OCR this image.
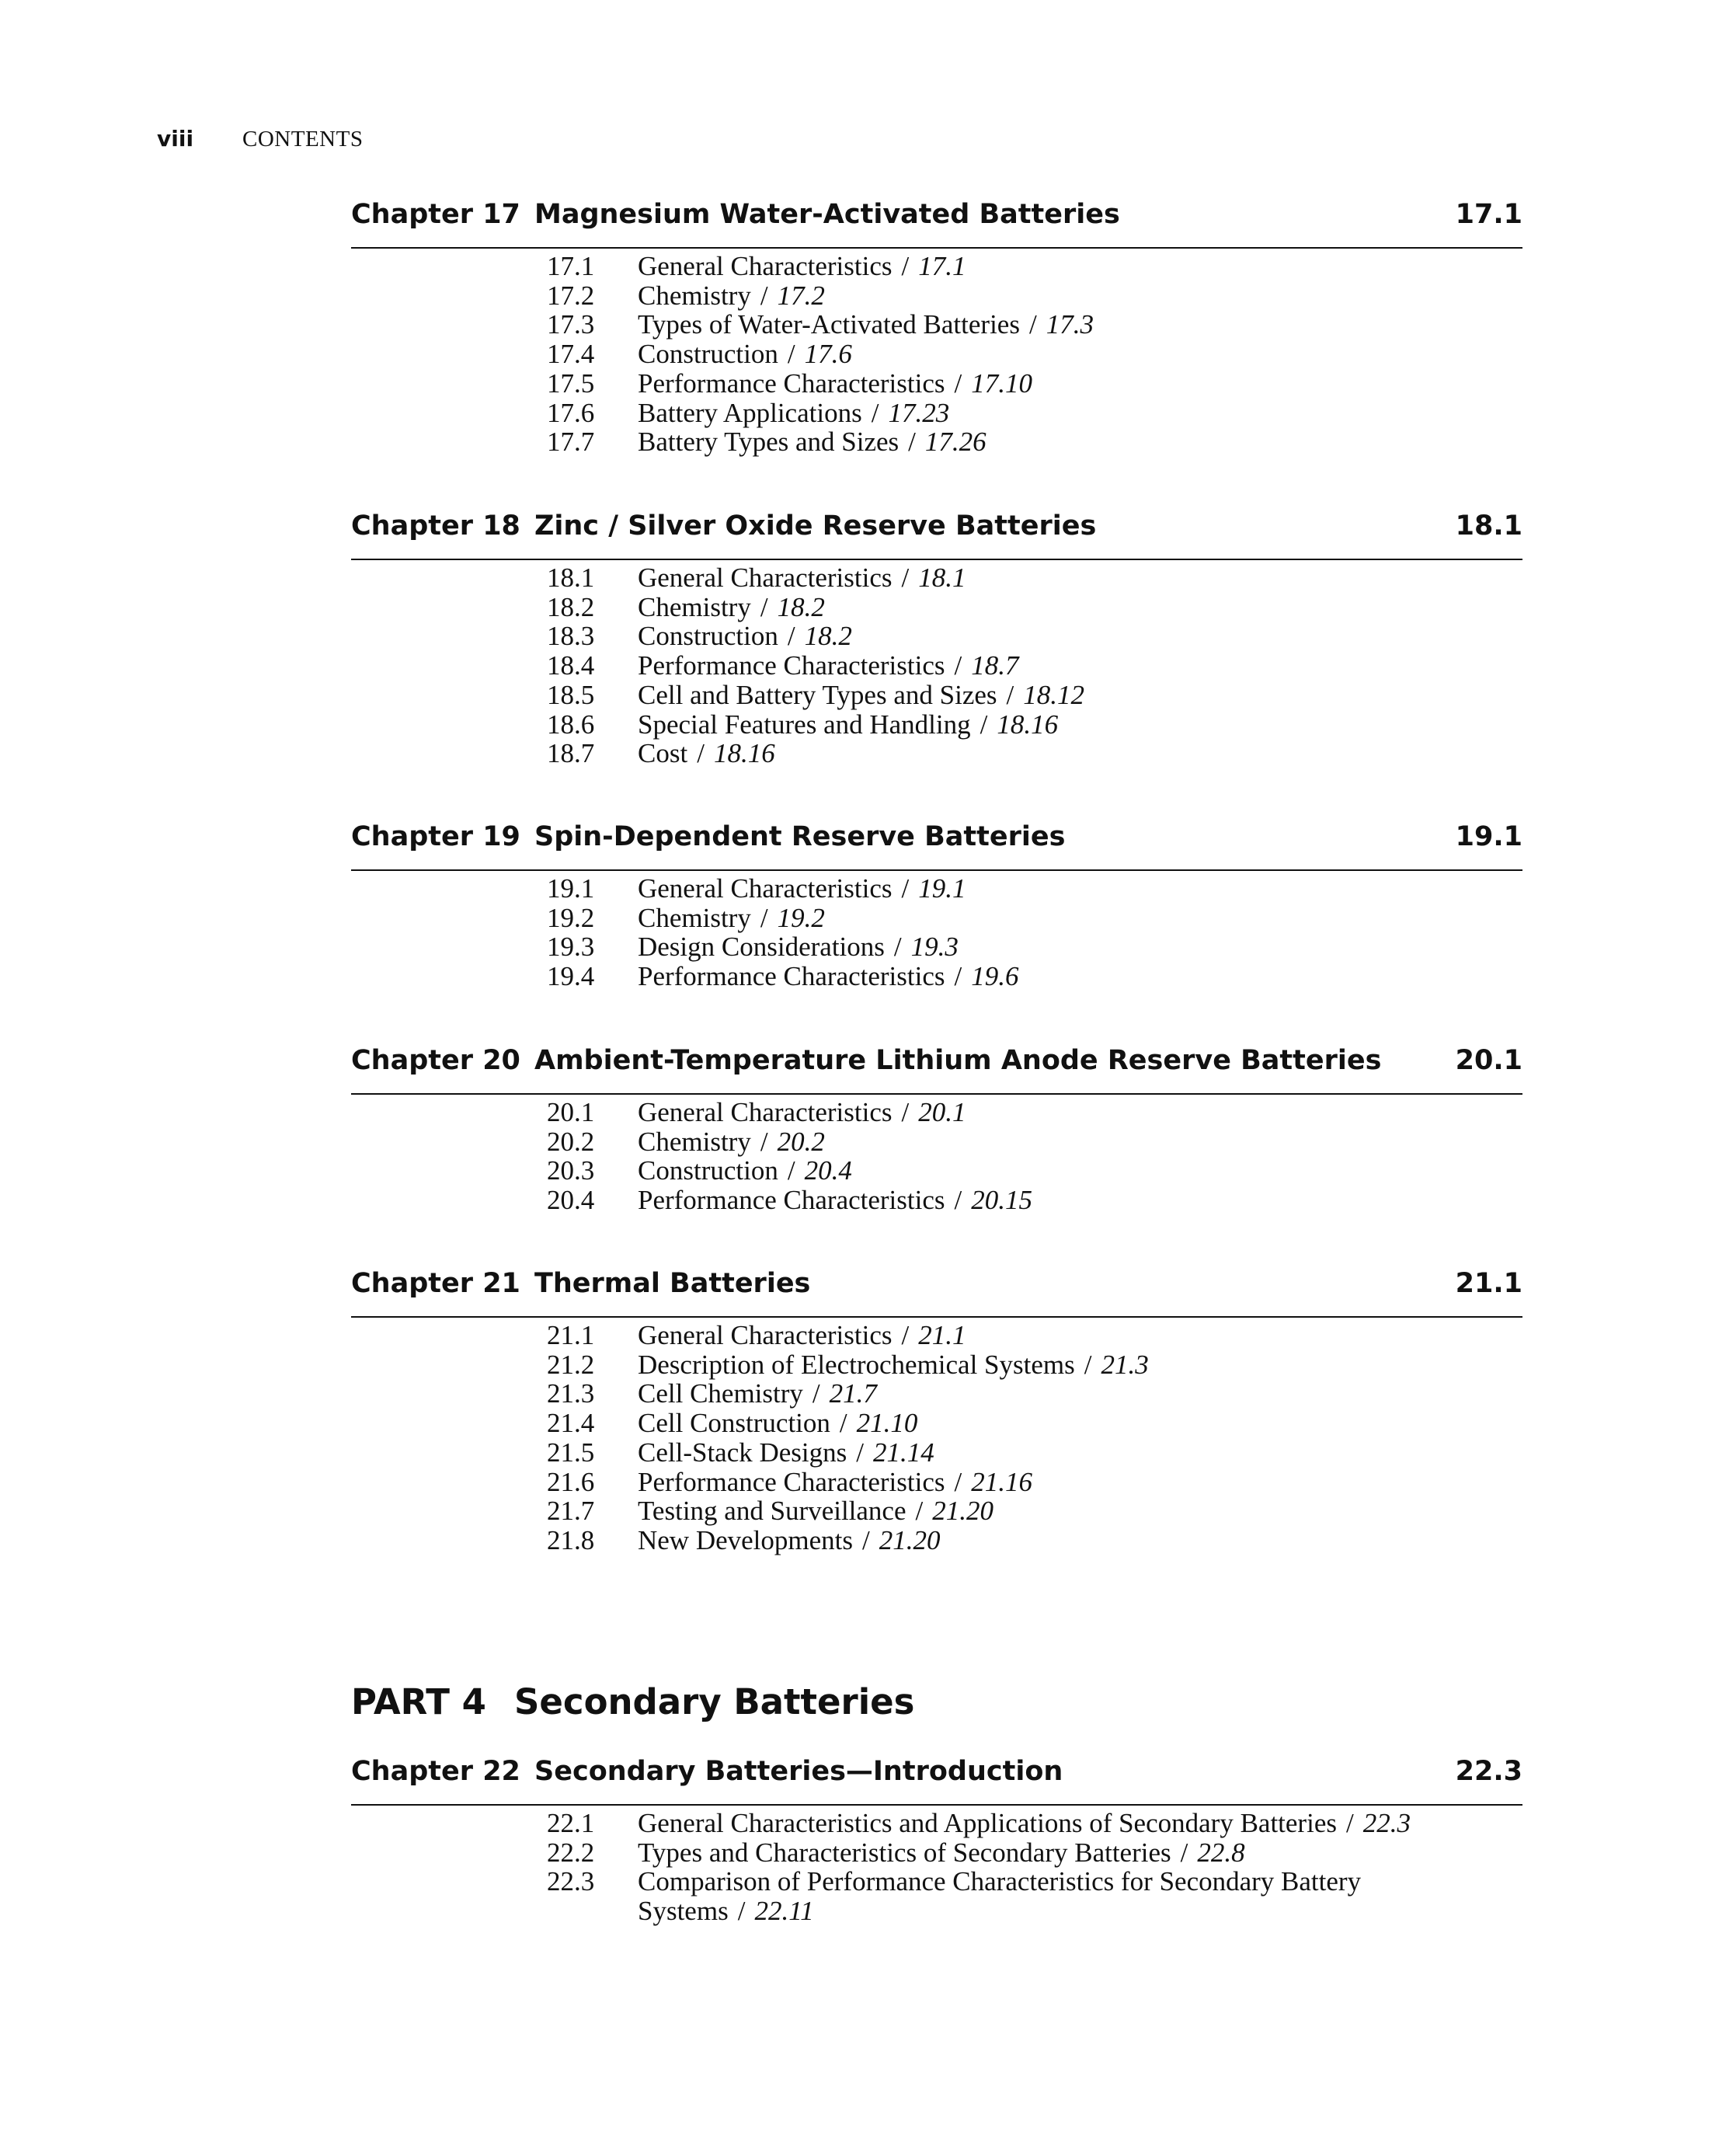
viii	CONTENTS
Chapter 17 Magnesium Water-Activated Batteries	17.1
17.1	General Characteristics / 17.1
17.2	Chemistry / 17.2
17.3	Types of Water-Activated Batteries / 17.3
17.4	Construction / 17.6
17.5	Performance Characteristics / 17.10
17.6	Battery Applications / 17.23
17.7	Battery Types and Sizes / 17.26
Chapter 18 Zinc / Silver Oxide Reserve Batteries	18.1
18.1	General Characteristics / 18.1
18.2	Chemistry / 18.2
18.3	Construction / 18.2
18.4	Performance Characteristics / 18.7
18.5	Cell and Battery Types and Sizes / 18.12
18.6	Special Features and Handling / 18.16
18.7	Cost / 18.16
Chapter 19 Spin-Dependent Reserve Batteries	19.1
19.1	General Characteristics / 19.1
19.2	Chemistry / 19.2
19.3	Design Considerations / 19.3
19.4	Performance Characteristics / 19.6
Chapter 20 Ambient-Temperature Lithium Anode Reserve Batteries	20.1
20.1	General Characteristics / 20.1
20.2	Chemistry / 20.2
20.3	Construction / 20.4
20.4	Performance Characteristics / 20.15
Chapter 21 Thermal Batteries	21.1
21.1	General Characteristics / 21.1
21.2	Description of Electrochemical Systems / 21.3
21.3	Cell Chemistry / 21.7
21.4	Cell Construction / 21.10
21.5	Cell-Stack Designs / 21.14
21.6	Performance Characteristics / 21.16
21.7	Testing and Surveillance / 21.20
21.8	New Developments / 21.20
PART 4 Secondary Batteries
Chapter 22 Secondary Batteries—Introduction	22.3
22.1	General Characteristics and Applications of Secondary Batteries / 22.3
22.2	Types and Characteristics of Secondary Batteries / 22.8
22.3	Comparison of Performance Characteristics for Secondary Battery Systems / 22.11
